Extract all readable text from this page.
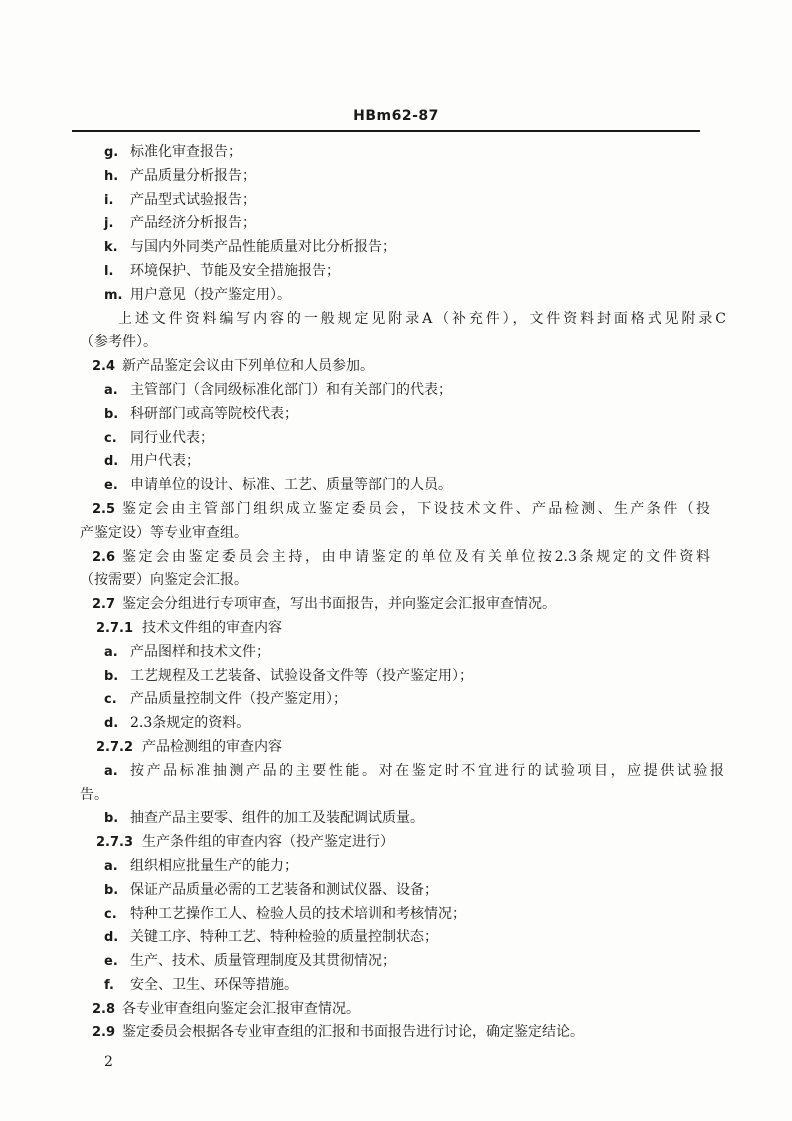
HBm62-87
g. 标准化审查报告；
h. 产品质量分析报告；
i. 产品型式试验报告；
j. 产品经济分析报告；
k. 与国内外同类产品性能质量对比分析报告；
l. 环境保护、节能及安全措施报告；
m. 用户意见（投产鉴定用）。
上述文件资料编写内容的一般规定见附录A（补充件），文件资料封面格式见附录C
（参考件）。
2.4 新产品鉴定会议由下列单位和人员参加。
a. 主管部门（含同级标准化部门）和有关部门的代表；
b. 科研部门或高等院校代表；
c. 同行业代表；
d. 用户代表；
e. 申请单位的设计、标准、工艺、质量等部门的人员。
2.5 鉴定会由主管部门组织成立鉴定委员会，下设技术文件、产品检测、生产条件（投
产鉴定设）等专业审查组。
2.6 鉴定会由鉴定委员会主持，由申请鉴定的单位及有关单位按2.3条规定的文件资料
（按需要）向鉴定会汇报。
2.7 鉴定会分组进行专项审查，写出书面报告，并向鉴定会汇报审查情况。
2.7.1 技术文件组的审查内容
a. 产品图样和技术文件；
b. 工艺规程及工艺装备、试验设备文件等（投产鉴定用）；
c. 产品质量控制文件（投产鉴定用）；
d. 2.3条规定的资料。
2.7.2 产品检测组的审查内容
a. 按产品标准抽测产品的主要性能。对在鉴定时不宜进行的试验项目，应提供试验报
告。
b. 抽查产品主要零、组件的加工及装配调试质量。
2.7.3 生产条件组的审查内容（投产鉴定进行）
a. 组织相应批量生产的能力；
b. 保证产品质量必需的工艺装备和测试仪器、设备；
c. 特种工艺操作工人、检验人员的技术培训和考核情况；
d. 关键工序、特种工艺、特种检验的质量控制状态；
e. 生产、技术、质量管理制度及其贯彻情况；
f. 安全、卫生、环保等措施。
2.8 各专业审查组向鉴定会汇报审查情况。
2.9 鉴定委员会根据各专业审查组的汇报和书面报告进行讨论，确定鉴定结论。
2
